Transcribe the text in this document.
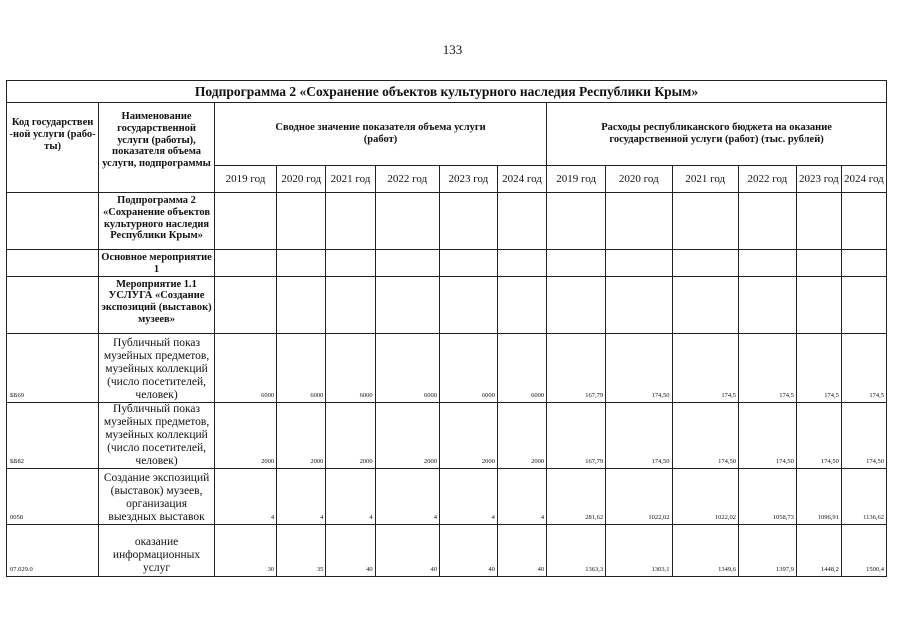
133
Подпрограмма 2 «Сохранение объектов культурного наследия Республики Крым»													
Код государствен -ной услуги (рабо-ты)	Наименование государственной услуги (работы), показателя объема услуги, подпрограммы	Сводное значение показателя объема услуги (работ)						Расходы республиканского бюджета на оказание государственной услуги (работ) (тыс. рублей)					
		2019 год	2020 год	2021 год	2022 год	2023 год	2024 год	2019 год	2020 год	2021 год	2022 год	2023 год	2024 год
	Подпрограмма 2 «Сохранение объектов культурного наследия Республики Крым»												
	Основное мероприятие 1												
	Мероприятие 1.1 УСЛУГА «Создание экспозиций (выставок) музеев»												
ББ69	Публичный показ музейных предметов, музейных коллекций (число посетителей, человек)	6000	6000	6000	6000	6000	6000	167,79	174,50	174,5	174,5	174,5	174,5
ББ82	Публичный показ музейных предметов, музейных коллекций (число посетителей, человек)	2000	2000	2000	2000	2000	2000	167,79	174,50	174,50	174,50	174,50	174,50
0058	Создание экспозиций (выставок) музеев, организация выездных выставок	4	4	4	4	4	4	281,62	1022,02	1022,02	1058,73	1096,91	1136,62
07.029.0	оказание информационных услуг	30	35	40	40	40	40	1363,3	1303,1	1349,6	1397,9	1448,2	1500,4
